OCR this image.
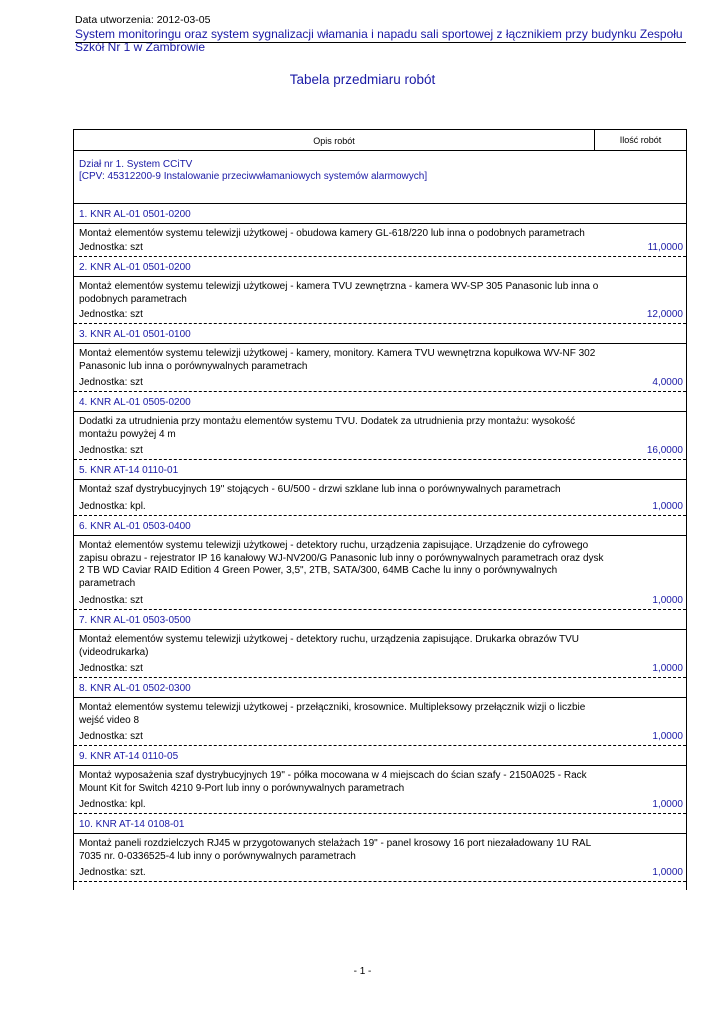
Data utworzenia: 2012-03-05
System monitoringu oraz system sygnalizacji włamania i napadu sali sportowej z łącznikiem przy budynku Zespołu Szkół Nr 1 w Zambrowie
Tabela przedmiaru robót
Opis robót	Ilość robót
Dział nr 1. System CCiTV
[CPV: 45312200-9 Instalowanie przeciwwłamaniowych systemów alarmowych]
1. KNR AL-01 0501-0200
Montaż elementów systemu telewizji użytkowej - obudowa kamery GL-618/220 lub inna o podobnych parametrach
Jednostka: szt	11,0000
2. KNR AL-01 0501-0200
Montaż elementów systemu telewizji użytkowej - kamera TVU zewnętrzna - kamera WV-SP 305 Panasonic lub inna o podobnych parametrach
Jednostka: szt	12,0000
3. KNR AL-01 0501-0100
Montaż elementów systemu telewizji użytkowej - kamery, monitory. Kamera TVU wewnętrzna kopułkowa WV-NF 302 Panasonic lub inna o porównywalnych parametrach
Jednostka: szt	4,0000
4. KNR AL-01 0505-0200
Dodatki za utrudnienia przy montażu elementów systemu TVU. Dodatek za utrudnienia przy montażu: wysokość montażu powyżej 4 m
Jednostka: szt	16,0000
5. KNR AT-14 0110-01
Montaż szaf dystrybucyjnych 19" stojących - 6U/500 - drzwi szklane lub inna o porównywalnych parametrach
Jednostka: kpl.	1,0000
6. KNR AL-01 0503-0400
Montaż elementów systemu telewizji użytkowej - detektory ruchu, urządzenia zapisujące. Urządzenie do cyfrowego zapisu obrazu - rejestrator IP 16 kanałowy WJ-NV200/G Panasonic lub inny o porównywalnych parametrach oraz dysk 2 TB WD Caviar RAID Edition 4 Green Power, 3,5", 2TB, SATA/300, 64MB Cache lu inny o porównywalnych parametrach
Jednostka: szt	1,0000
7. KNR AL-01 0503-0500
Montaż elementów systemu telewizji użytkowej - detektory ruchu, urządzenia zapisujące. Drukarka obrazów TVU (videodrukarka)
Jednostka: szt	1,0000
8. KNR AL-01 0502-0300
Montaż elementów systemu telewizji użytkowej - przełączniki, krosownice. Multipleksowy przełącznik wizji o liczbie wejść video 8
Jednostka: szt	1,0000
9. KNR AT-14 0110-05
Montaż wyposażenia szaf dystrybucyjnych 19" - półka mocowana w 4 miejscach do ścian szafy - 2150A025 - Rack Mount Kit for Switch 4210 9-Port lub inny o porównywalnych parametrach
Jednostka: kpl.	1,0000
10. KNR AT-14 0108-01
Montaż paneli rozdzielczych RJ45 w przygotowanych stelażach 19" - panel krosowy 16 port niezaładowany 1U RAL 7035 nr. 0-0336525-4 lub inny o porównywalnych parametrach
Jednostka: szt.	1,0000
- 1 -
